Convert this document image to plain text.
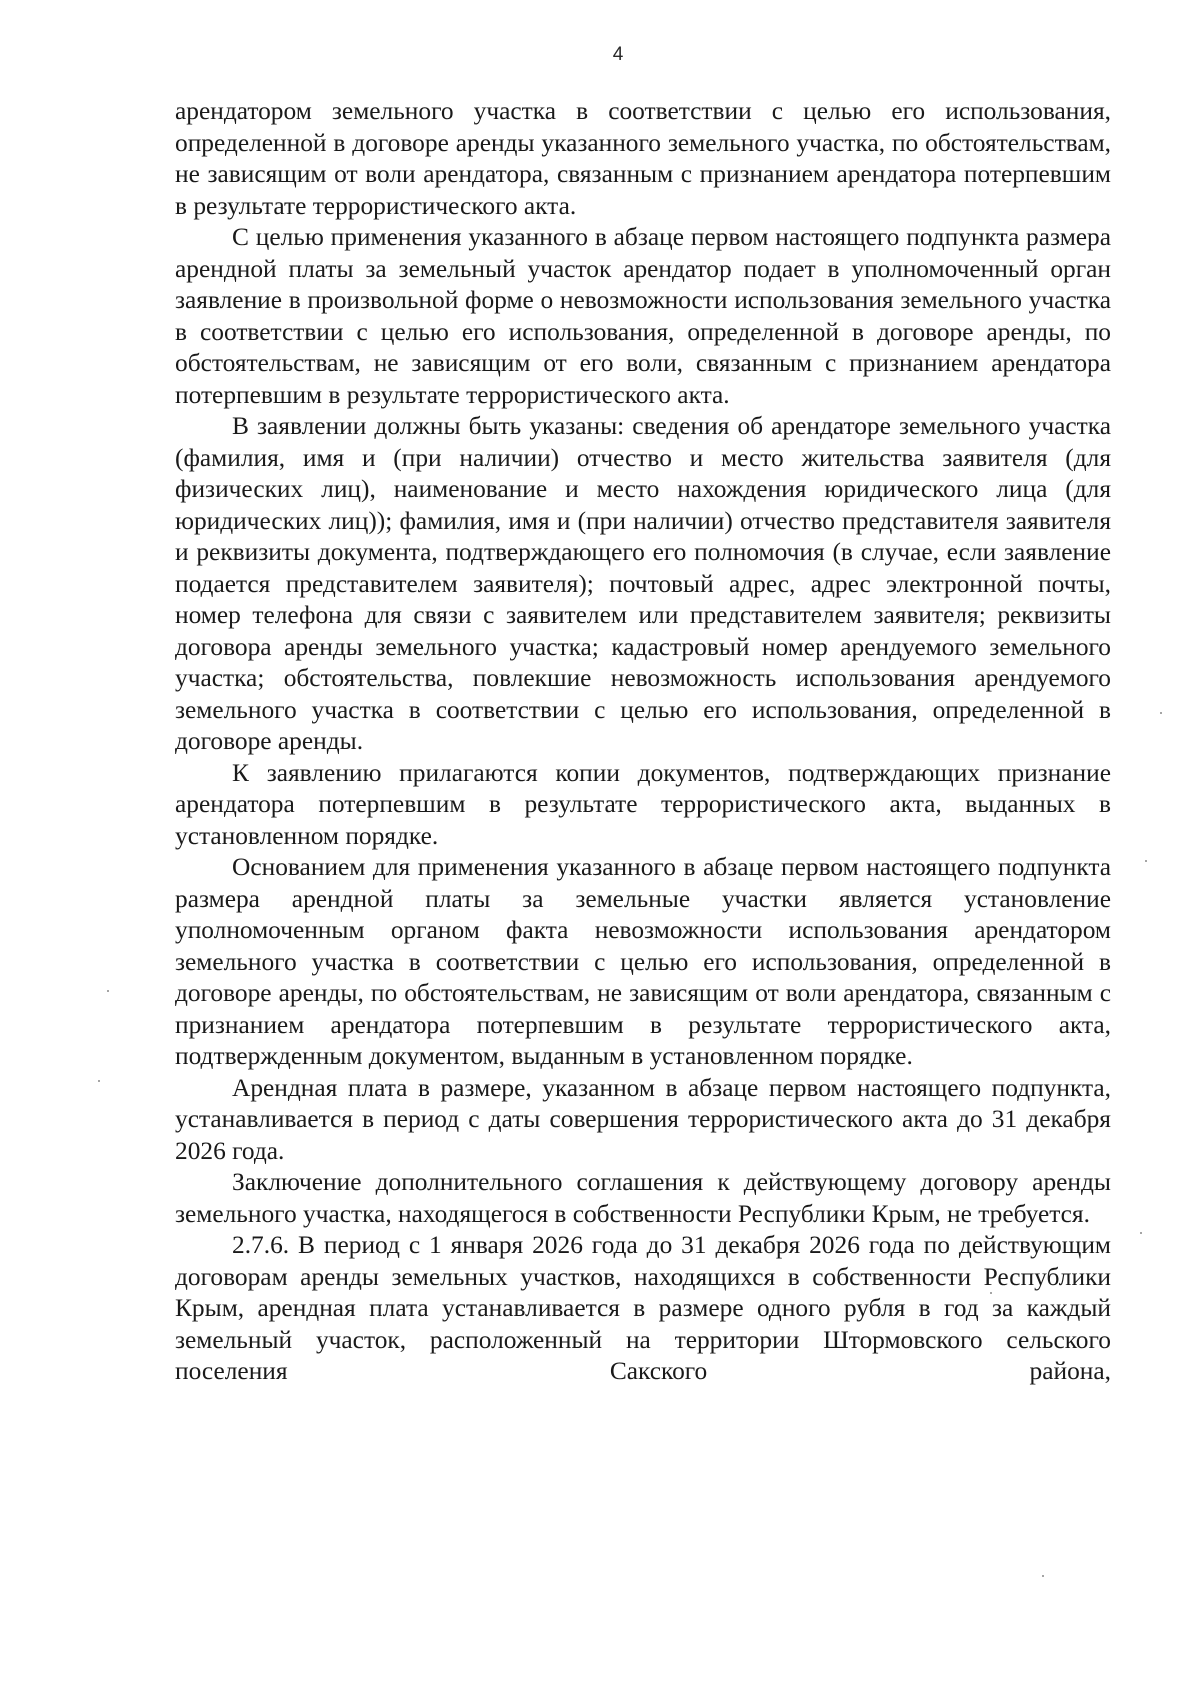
4

арендатором земельного участка в соответствии с целью его использования, определенной в договоре аренды указанного земельного участка, по обстоятельствам, не зависящим от воли арендатора, связанным с признанием арендатора потерпевшим в результате террористического акта.

С целью применения указанного в абзаце первом настоящего подпункта размера арендной платы за земельный участок арендатор подает в уполномоченный орган заявление в произвольной форме о невозможности использования земельного участка в соответствии с целью его использования, определенной в договоре аренды, по обстоятельствам, не зависящим от его воли, связанным с признанием арендатора потерпевшим в результате террористического акта.

В заявлении должны быть указаны: сведения об арендаторе земельного участка (фамилия, имя и (при наличии) отчество и место жительства заявителя (для физических лиц), наименование и место нахождения юридического лица (для юридических лиц)); фамилия, имя и (при наличии) отчество представителя заявителя и реквизиты документа, подтверждающего его полномочия (в случае, если заявление подается представителем заявителя); почтовый адрес, адрес электронной почты, номер телефона для связи с заявителем или представителем заявителя; реквизиты договора аренды земельного участка; кадастровый номер арендуемого земельного участка; обстоятельства, повлекшие невозможность использования арендуемого земельного участка в соответствии с целью его использования, определенной в договоре аренды.

К заявлению прилагаются копии документов, подтверждающих признание арендатора потерпевшим в результате террористического акта, выданных в установленном порядке.

Основанием для применения указанного в абзаце первом настоящего подпункта размера арендной платы за земельные участки является установление уполномоченным органом факта невозможности использования арендатором земельного участка в соответствии с целью его использования, определенной в договоре аренды, по обстоятельствам, не зависящим от воли арендатора, связанным с признанием арендатора потерпевшим в результате террористического акта, подтвержденным документом, выданным в установленном порядке.

Арендная плата в размере, указанном в абзаце первом настоящего подпункта, устанавливается в период с даты совершения террористического акта до 31 декабря 2026 года.

Заключение дополнительного соглашения к действующему договору аренды земельного участка, находящегося в собственности Республики Крым, не требуется.

2.7.6. В период с 1 января 2026 года до 31 декабря 2026 года по действующим договорам аренды земельных участков, находящихся в собственности Республики Крым, арендная плата устанавливается в размере одного рубля в год за каждый земельный участок, расположенный на территории Штормовского сельского поселения Сакского района,
